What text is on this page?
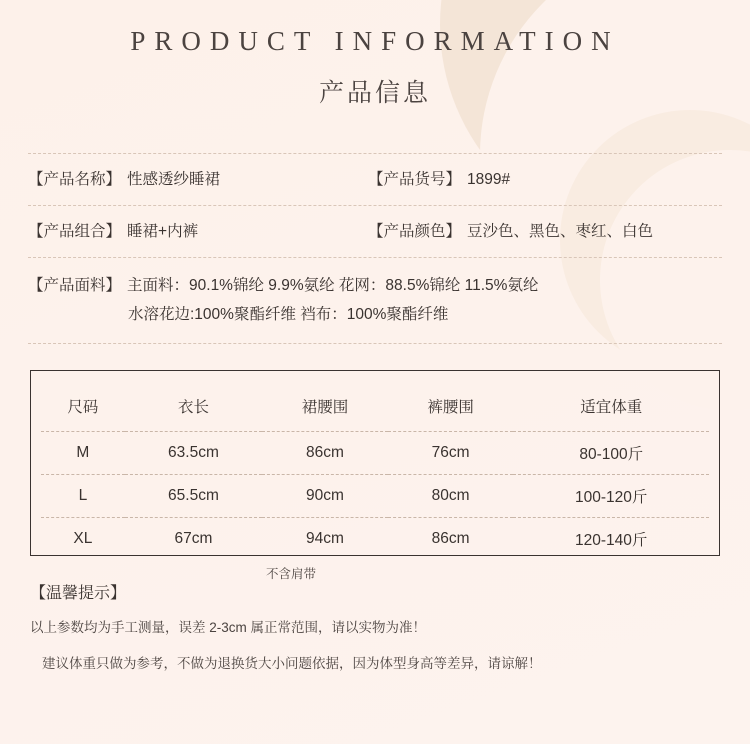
PRODUCT INFORMATION
产品信息
【产品名称】 性感透纱睡裙	【产品货号】 1899#
【产品组合】 睡裙+内裤	【产品颜色】 豆沙色、黑色、枣红、白色
【产品面料】 主面料：90.1%锦纶 9.9%氨纶 花网：88.5%锦纶 11.5%氨纶
水溶花边:100%聚酯纤维 裆布：100%聚酯纤维
尺码	衣长	裙腰围	裤腰围	适宜体重
M	63.5cm	86cm	76cm	80-100斤
L	65.5cm	90cm	80cm	100-120斤
XL	67cm	94cm	86cm	120-140斤
不含肩带
【温馨提示】
以上参数均为手工测量，误差 2-3cm 属正常范围，请以实物为准！
建议体重只做为参考，不做为退换货大小问题依据，因为体型身高等差异，请谅解！
